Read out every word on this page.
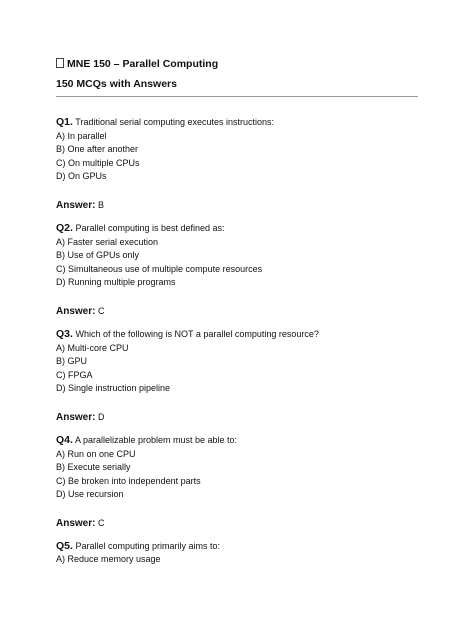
MNE 150 – Parallel Computing
150 MCQs with Answers
Q1. Traditional serial computing executes instructions:
A) In parallel
B) One after another
C) On multiple CPUs
D) On GPUs
Answer: B
Q2. Parallel computing is best defined as:
A) Faster serial execution
B) Use of GPUs only
C) Simultaneous use of multiple compute resources
D) Running multiple programs
Answer: C
Q3. Which of the following is NOT a parallel computing resource?
A) Multi-core CPU
B) GPU
C) FPGA
D) Single instruction pipeline
Answer: D
Q4. A parallelizable problem must be able to:
A) Run on one CPU
B) Execute serially
C) Be broken into independent parts
D) Use recursion
Answer: C
Q5. Parallel computing primarily aims to:
A) Reduce memory usage
